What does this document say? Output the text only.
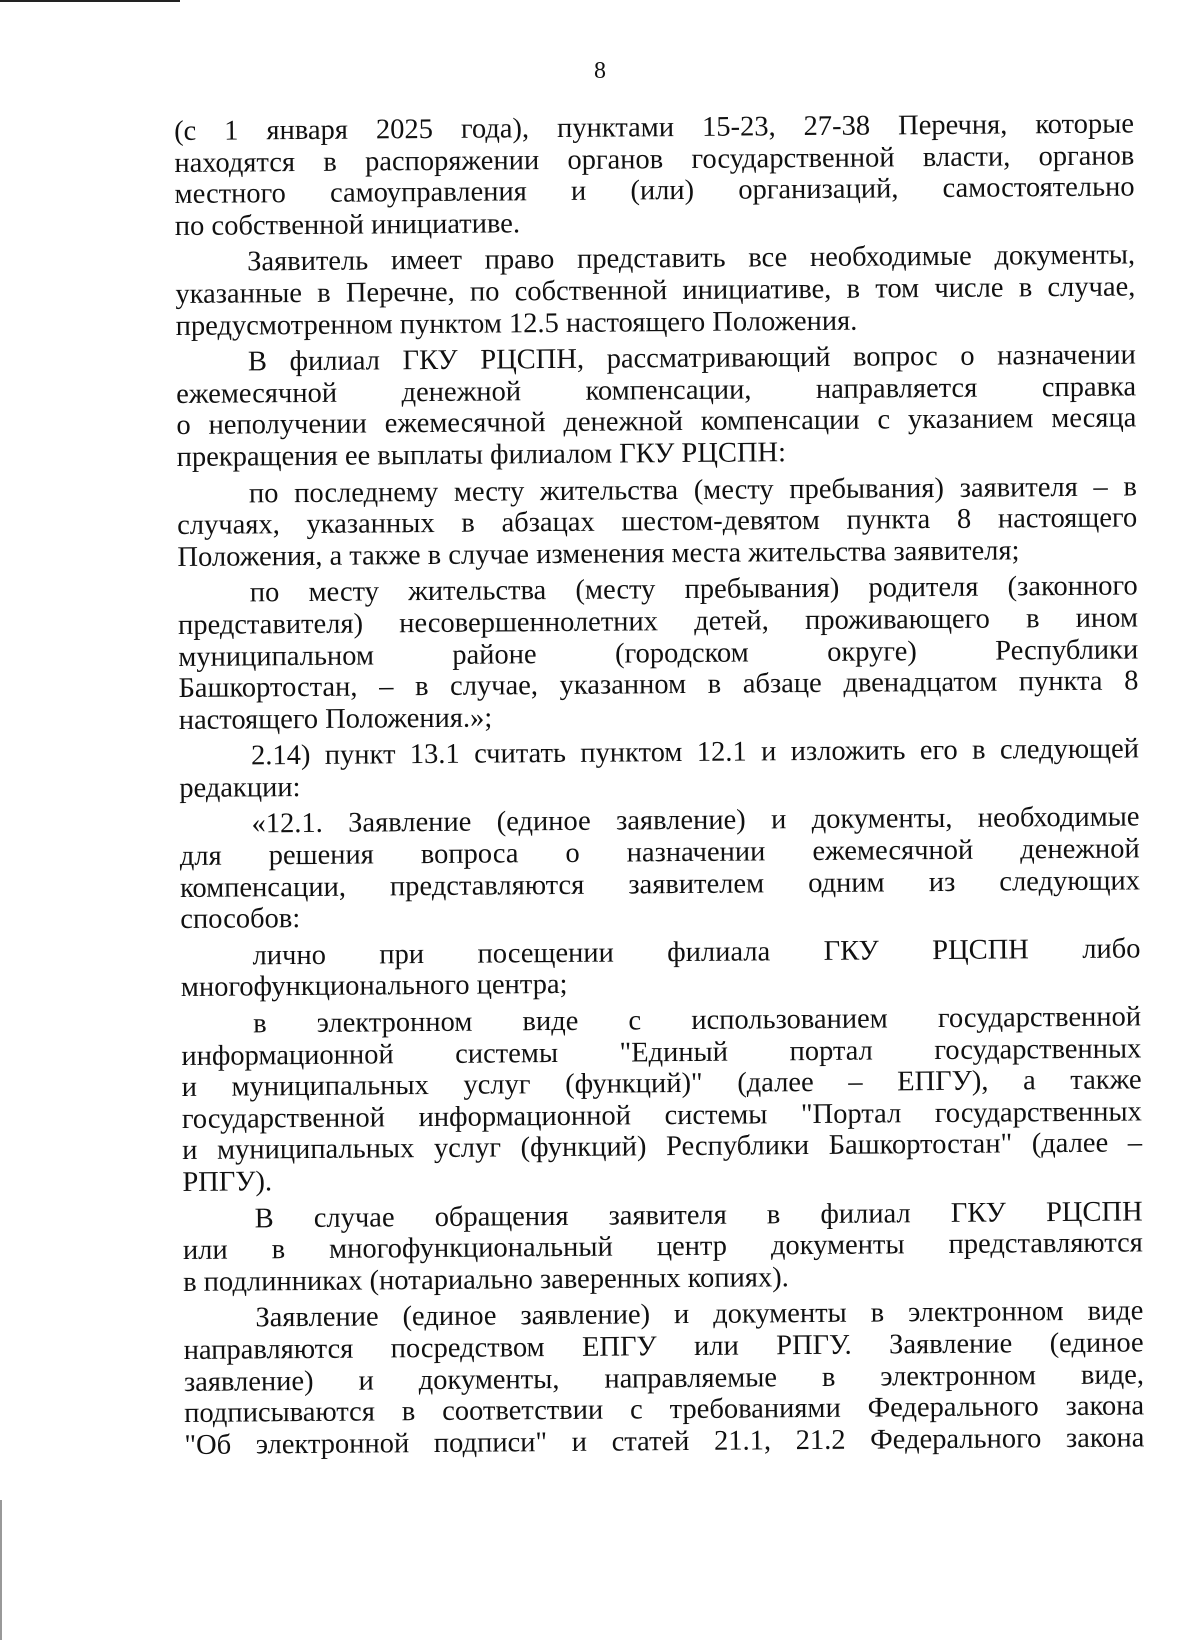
8
(с 1 января 2025 года), пунктами 15-23, 27-38 Перечня, которые
находятся в распоряжении органов государственной власти, органов
местного самоуправления и (или) организаций, самостоятельно
по собственной инициативе.
Заявитель имеет право представить все необходимые документы,
указанные в Перечне, по собственной инициативе, в том числе в случае,
предусмотренном пунктом 12.5 настоящего Положения.
В филиал ГКУ РЦСПН, рассматривающий вопрос о назначении
ежемесячной денежной компенсации, направляется справка
о неполучении ежемесячной денежной компенсации с указанием месяца
прекращения ее выплаты филиалом ГКУ РЦСПН:
по последнему месту жительства (месту пребывания) заявителя – в
случаях, указанных в абзацах шестом-девятом пункта 8 настоящего
Положения, а также в случае изменения места жительства заявителя;
по месту жительства (месту пребывания) родителя (законного
представителя) несовершеннолетних детей, проживающего в ином
муниципальном	районе	(городском	округе)	Республики
Башкортостан, – в случае, указанном в абзаце двенадцатом пункта 8
настоящего Положения.»;
2.14) пункт 13.1 считать пунктом 12.1 и изложить его в следующей
редакции:
«12.1. Заявление (единое заявление) и документы, необходимые
для решения вопроса о назначении ежемесячной денежной
компенсации, представляются заявителем одним из следующих
способов:
лично при посещении филиала ГКУ РЦСПН либо
многофункционального центра;
в электронном виде с использованием государственной
информационной системы "Единый портал государственных
и муниципальных услуг (функций)" (далее – ЕПГУ), а также
государственной информационной системы "Портал государственных
и муниципальных услуг (функций) Республики Башкортостан" (далее –
РПГУ).
В случае обращения заявителя в филиал ГКУ РЦСПН
или в многофункциональный центр документы представляются
в подлинниках (нотариально заверенных копиях).
Заявление (единое заявление) и документы в электронном виде
направляются посредством ЕПГУ или РПГУ. Заявление (единое
заявление) и документы, направляемые в электронном виде,
подписываются в соответствии с требованиями Федерального закона
"Об электронной подписи" и статей 21.1, 21.2 Федерального закона
